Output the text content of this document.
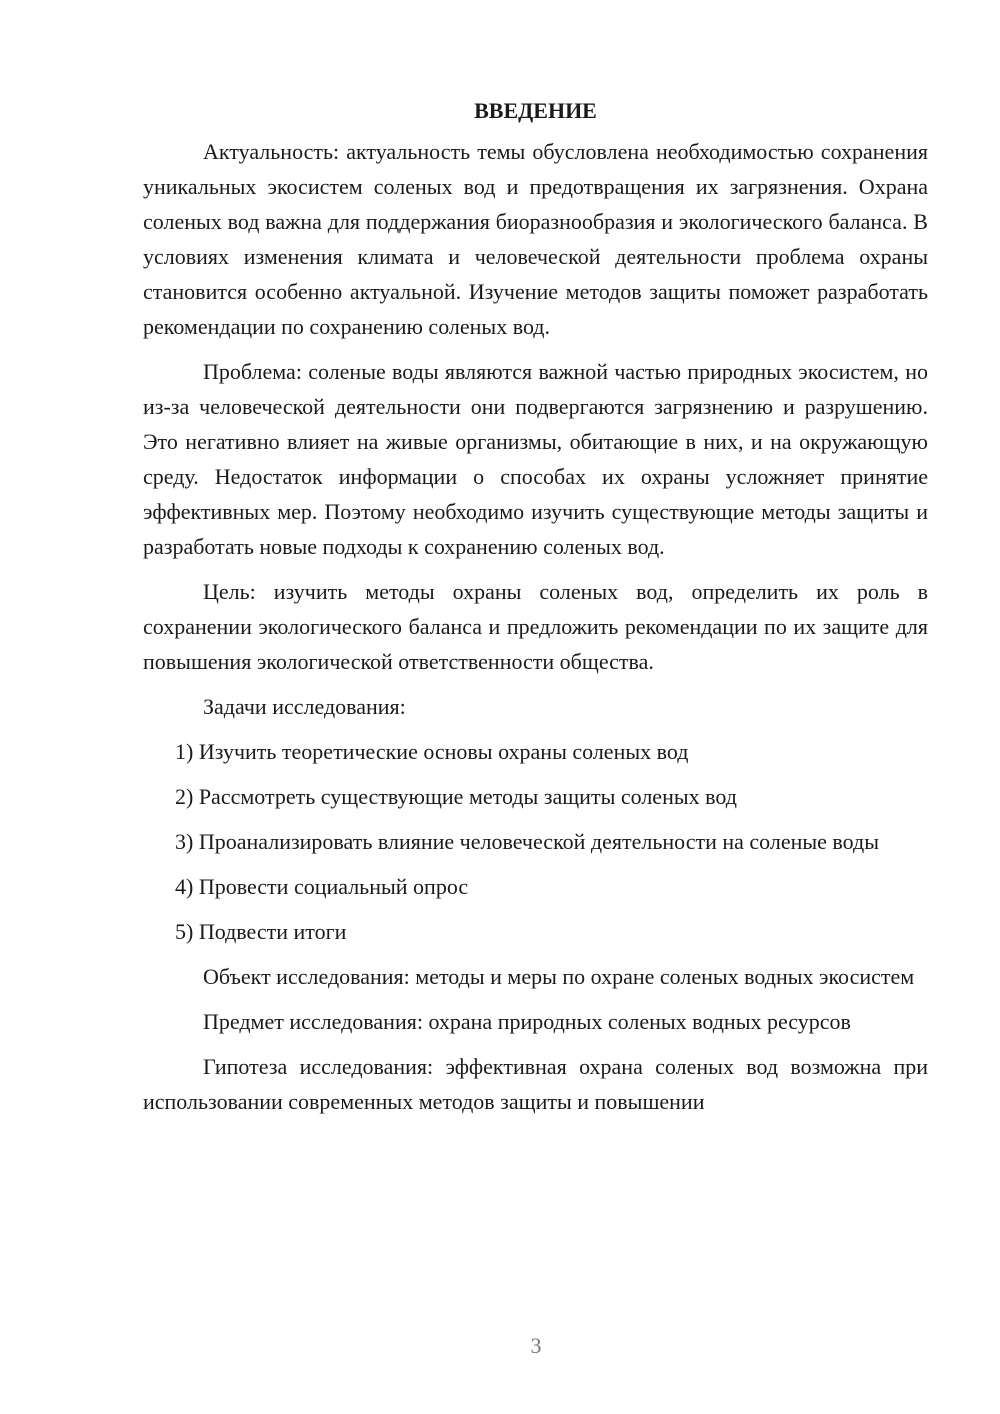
ВВЕДЕНИЕ

Актуальность: актуальность темы обусловлена необходимостью сохранения уникальных экосистем соленых вод и предотвращения их загрязнения. Охрана соленых вод важна для поддержания биоразнообразия и экологического баланса. В условиях изменения климата и человеческой деятельности проблема охраны становится особенно актуальной. Изучение методов защиты поможет разработать рекомендации по сохранению соленых вод.

Проблема: соленые воды являются важной частью природных экосистем, но из-за человеческой деятельности они подвергаются загрязнению и разрушению. Это негативно влияет на живые организмы, обитающие в них, и на окружающую среду. Недостаток информации о способах их охраны усложняет принятие эффективных мер. Поэтому необходимо изучить существующие методы защиты и разработать новые подходы к сохранению соленых вод.

Цель: изучить методы охраны соленых вод, определить их роль в сохранении экологического баланса и предложить рекомендации по их защите для повышения экологической ответственности общества.

Задачи исследования:

1) Изучить теоретические основы охраны соленых вод

2) Рассмотреть существующие методы защиты соленых вод

3) Проанализировать влияние человеческой деятельности на соленые воды

4) Провести социальный опрос

5) Подвести итоги

Объект исследования: методы и меры по охране соленых водных экосистем

Предмет исследования: охрана природных соленых водных ресурсов

Гипотеза исследования: эффективная охрана соленых вод возможна при использовании современных методов защиты и повышении

3
